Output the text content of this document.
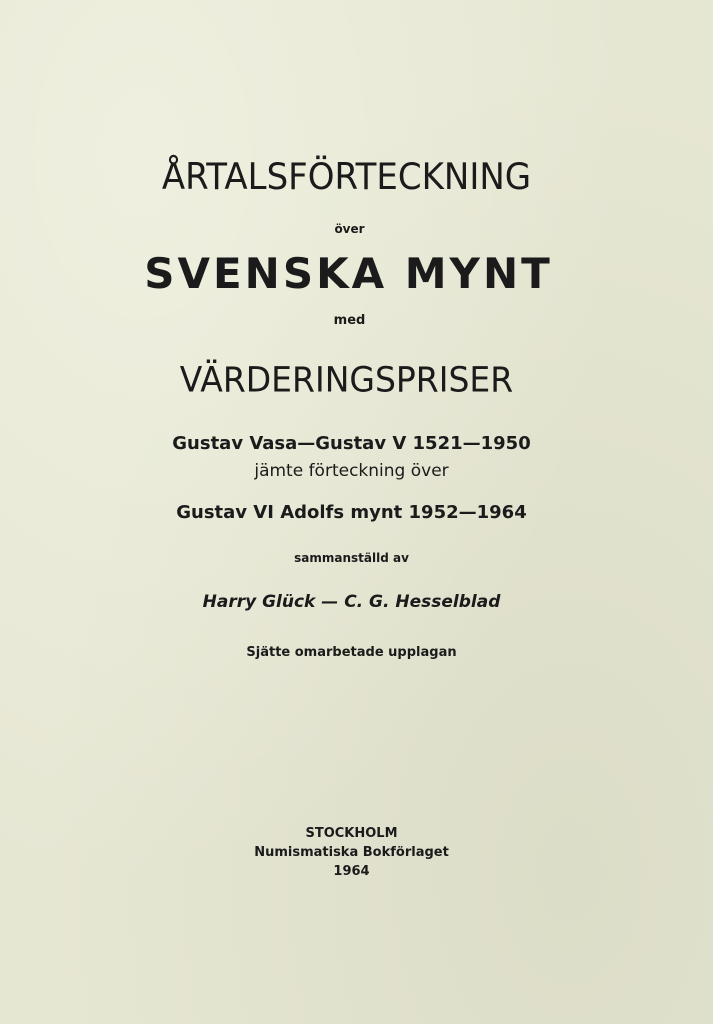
ÅRTALSFÖRTECKNING
över
SVENSKA MYNT
med
VÄRDERINGSPRISER
Gustav Vasa—Gustav V 1521—1950
jämte förteckning över
Gustav VI Adolfs mynt 1952—1964
sammanställd av
Harry Glück — C. G. Hesselblad
Sjätte omarbetade upplagan
STOCKHOLM
Numismatiska Bokförlaget
1964
